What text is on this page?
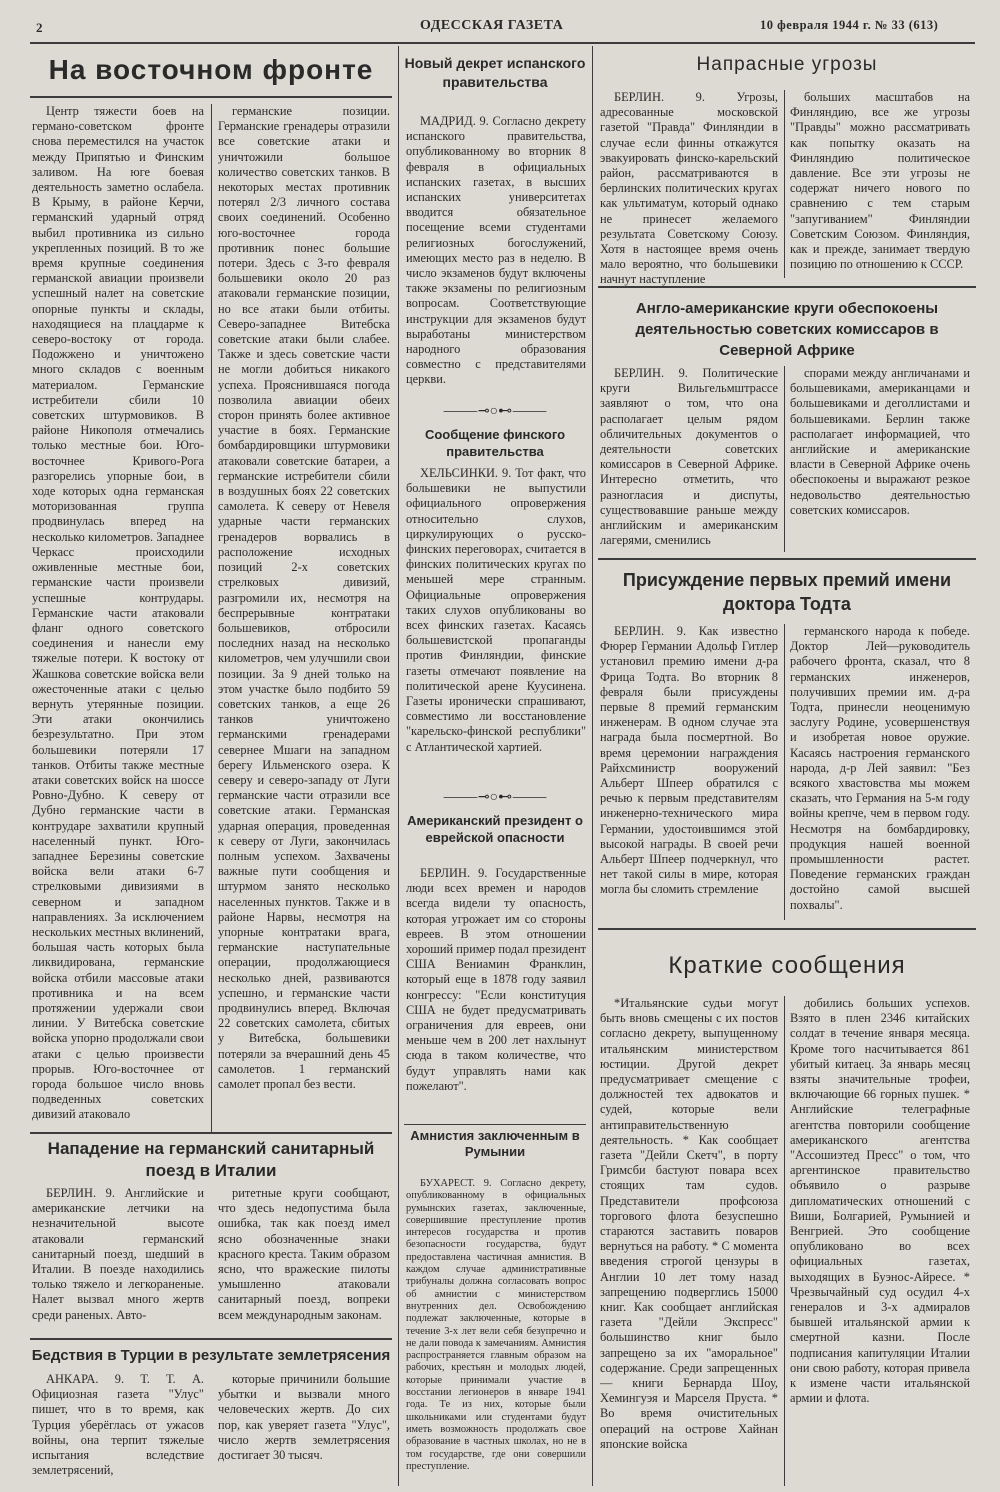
2	ОДЕССКАЯ ГАЗЕТА	10 февраля 1944 г. № 33 (613)
На восточном фронте

Центр тяжести боев на германо-советском фронте снова переместился на участок между Припятью и Финским заливом. На юге боевая деятельность заметно ослабела. В Крыму, в районе Керчи, германский ударный отряд выбил противника из сильно укрепленных позиций. В то же время крупные соединения германской авиации произвели успешный налет на советские опорные пункты и склады, находящиеся на плацдарме к северо-востоку от города. Подожжено и уничтожено много складов с военным материалом. Германские истребители сбили 10 советских штурмовиков. В районе Никополя отмечались только местные бои. Юго-восточнее Кривого-Рога разгорелись упорные бои, в ходе которых одна германская моторизованная группа продвинулась вперед на несколько километров. Западнее Черкасс происходили оживленные местные бои, германские части произвели успешные контрудары. Германские части атаковали фланг одного советского соединения и нанесли ему тяжелые потери. К востоку от Жашкова советские войска вели ожесточенные атаки с целью вернуть утерянные позиции. Эти атаки окончились безрезультатно. При этом большевики потеряли 17 танков. Отбиты также местные атаки советских войск на шоссе Ровно-Дубно. К северу от Дубно германские части в контрударе захватили крупный населенный пункт. Юго-западнее Березины советские войска вели атаки 6-7 стрелковыми дивизиями в северном и западном направлениях. За исключением нескольких местных вклинений, большая часть которых была ликвидирована, германские войска отбили массовые атаки противника и на всем протяжении удержали свои линии. У Витебска советские войска упорно продолжали свои атаки с целью произвести прорыв. Юго-восточнее от города большое число вновь подведенных советских дивизий атаковало

германские позиции. Германские гренадеры отразили все советские атаки и уничтожили большое количество советских танков. В некоторых местах противник потерял 2/3 личного состава своих соединений. Особенно юго-восточнее города противник понес большие потери. Здесь с 3-го февраля большевики около 20 раз атаковали германские позиции, но все атаки были отбиты. Северо-западнее Витебска советские атаки были слабее. Также и здесь советские части не могли добиться никакого успеха. Прояснившаяся погода позволила авиации обеих сторон принять более активное участие в боях. Германские бомбардировщики штурмовики атаковали советские батареи, а германские истребители сбили в воздушных боях 22 советских самолета. К северу от Невеля ударные части германских гренадеров ворвались в расположение исходных позиций 2-х советских стрелковых дивизий, разгромили их, несмотря на беспрерывные контратаки большевиков, отбросили последних назад на несколько километров, чем улучшили свои позиции. За 9 дней только на этом участке было подбито 59 советских танков, а еще 26 танков уничтожено германскими гренадерами севернее Мшаги на западном берегу Ильменского озера. К северу и северо-западу от Луги германские части отразили все советские атаки. Германская ударная операция, проведенная к северу от Луги, закончилась полным успехом. Захвачены важные пути сообщения и штурмом занято несколько населенных пунктов. Также и в районе Нарвы, несмотря на упорные контратаки врага, германские наступательные операции, продолжающиеся несколько дней, развиваются успешно, и германские части продвинулись вперед. Включая 22 советских самолета, сбитых у Витебска, большевики потеряли за вчерашний день 45 самолетов. 1 германский самолет пропал без вести.

Нападение на германский санитарный поезд в Италии

БЕРЛИН. 9. Английские и американские летчики на незначительной высоте атаковали германский санитарный поезд, шедший в Италии. В поезде находились только тяжело и легкораненые. Налет вызвал много жертв среди раненых. Авто-

ритетные круги сообщают, что здесь недопустима была ошибка, так как поезд имел ясно обозначенные знаки красного креста. Таким образом ясно, что вражеские пилоты умышленно атаковали санитарный поезд, вопреки всем международным законам.

Бедствия в Турции в результате землетрясения

АНКАРА. 9. Т. Т. А. Официозная газета "Улус" пишет, что в то время, как Турция уберёглась от ужасов войны, она терпит тяжелые испытания вследствие землетрясений,

которые причинили большие убытки и вызвали много человеческих жертв. До сих пор, как уверяет газета "Улус", число жертв землетрясения достигает 30 тысяч.

Новый декрет испанского правительства

МАДРИД. 9. Согласно декрету испанского правительства, опубликованному во вторник 8 февраля в официальных испанских газетах, в высших испанских университетах вводится обязательное посещение всеми студентами религиозных богослужений, имеющих место раз в неделю. В число экзаменов будут включены также экзамены по религиозным вопросам. Соответствующие инструкции для экзаменов будут выработаны министерством народного образования совместно с представителями церкви.

⸻⊸○⊷⸻
Сообщение финского правительства

ХЕЛЬСИНКИ. 9. Тот факт, что большевики не выпустили официального опровержения относительно слухов, циркулирующих о русско-финских переговорах, считается в финских политических кругах по меньшей мере странным. Официальные опровержения таких слухов опубликованы во всех финских газетах. Касаясь большевистской пропаганды против Финляндии, финские газеты отмечают появление на политической арене Куусинена. Газеты иронически спрашивают, совместимо ли восстановление "карельско-финской республики" с Атлантической хартией.

⸻⊸○⊷⸻
Американский президент о еврейской опасности

БЕРЛИН. 9. Государственные люди всех времен и народов всегда видели ту опасность, которая угрожает им со стороны евреев. В этом отношении хороший пример подал президент США Вениамин Франклин, который еще в 1878 году заявил конгрессу: "Если конституция США не будет предусматривать ограничения для евреев, они меньше чем в 200 лет нахлынут сюда в таком количестве, что будут управлять нами как пожелают".

Амнистия заключенным в Румынии

БУХАРЕСТ. 9. Согласно декрету, опубликованному в официальных румынских газетах, заключенные, совершившие преступление против интересов государства и против безопасности государства, будут предоставлена частичная амнистия. В каждом случае административные трибуналы должна согласовать вопрос об амнистии с министерством внутренних дел. Освобождению подлежат заключенные, которые в течение 3-х лет вели себя безупречно и не дали повода к замечаниям. Амнистия распространяется главным образом на рабочих, крестьян и молодых людей, которые принимали участие в восстании легионеров в январе 1941 года. Те из них, которые были школьниками или студентами будут иметь возможность продолжать свое образование в частных школах, но не в том государстве, где они совершили преступление.

Напрасные угрозы

БЕРЛИН. 9. Угрозы, адресованные московской газетой "Правда" Финляндии в случае если финны откажутся эвакуировать финско-карельский район, рассматриваются в берлинских политических кругах как ультиматум, который однако не принесет желаемого результата Советскому Союзу. Хотя в настоящее время очень мало вероятно, что большевики начнут наступление

больших масштабов на Финляндию, все же угрозы "Правды" можно рассматривать как попытку оказать на Финляндию политическое давление. Все эти угрозы не содержат ничего нового по сравнению с тем старым "запугиванием" Финляндии Советским Союзом. Финляндия, как и прежде, занимает твердую позицию по отношению к СССР.

Англо-американские круги обеспокоены деятельностью советских комиссаров в Северной Африке

БЕРЛИН. 9. Политические круги Вильгельмштрассе заявляют о том, что она располагает целым рядом обличительных документов о деятельности советских комиссаров в Северной Африке. Интересно отметить, что разногласия и диспуты, существовавшие раньше между английским и американским лагерями, сменились

спорами между англичанами и большевиками, американцами и большевиками и деголлистами и большевиками. Берлин также располагает информацией, что английские и американские власти в Северной Африке очень обеспокоены и выражают резкое недовольство деятельностью советских комиссаров.

Присуждение первых премий имени доктора Тодта

БЕРЛИН. 9. Как известно Фюрер Германии Адольф Гитлер установил премию имени д-ра Фрица Тодта. Во вторник 8 февраля были присуждены первые 8 премий германским инженерам. В одном случае эта награда была посмертной. Во время церемонии награждения Райхсминистр вооружений Альберт Шпеер обратился с речью к первым представителям инженерно-технического мира Германии, удостоившимся этой высокой награды. В своей речи Альберт Шпеер подчеркнул, что нет такой силы в мире, которая могла бы сломить стремление

германского народа к победе. Доктор Лей—руководитель рабочего фронта, сказал, что 8 германских инженеров, получивших премии им. д-ра Тодта, принесли неоценимую заслугу Родине, усовершенствуя и изобретая новое оружие. Касаясь настроения германского народа, д-р Лей заявил: "Без всякого хвастовства мы можем сказать, что Германия на 5-м году войны крепче, чем в первом году. Несмотря на бомбардировку, продукция нашей военной промышленности растет. Поведение германских граждан достойно самой высшей похвалы".

Краткие сообщения

*Итальянские судьи могут быть вновь смещены с их постов согласно декрету, выпущенному итальянским министерством юстиции. Другой декрет предусматривает смещение с должностей тех адвокатов и судей, которые вели антиправительственную деятельность. * Как сообщает газета "Дейли Скетч", в порту Гримсби бастуют повара всех стоящих там судов. Представители профсоюза торгового флота безуспешно стараются заставить поваров вернуться на работу. * С момента введения строгой цензуры в Англии 10 лет тому назад запрещению подверглись 15000 книг. Как сообщает английская газета "Дейли Экспресс" большинство книг было запрещено за их "аморальное" содержание. Среди запрещенных — книги Бернарда Шоу, Хемингуэя и Марселя Пруста. * Во время очистительных операций на острове Хайнан японские войска

добились больших успехов. Взято в плен 2346 китайских солдат в течение января месяца. Кроме того насчитывается 861 убитый китаец. За январь месяц взяты значительные трофеи, включающие 66 горных пушек. * Английские телеграфные агентства повторили сообщение американского агентства "Ассошиэтед Пресс" о том, что аргентинское правительство объявило о разрыве дипломатических отношений с Виши, Болгарией, Румынией и Венгрией. Это сообщение опубликовано во всех официальных газетах, выходящих в Буэнос-Айресе. * Чрезвычайный суд осудил 4-х генералов и 3-х адмиралов бывшей итальянской армии к смертной казни. После подписания капитуляции Италии они свою работу, которая привела к измене части итальянской армии и флота.
